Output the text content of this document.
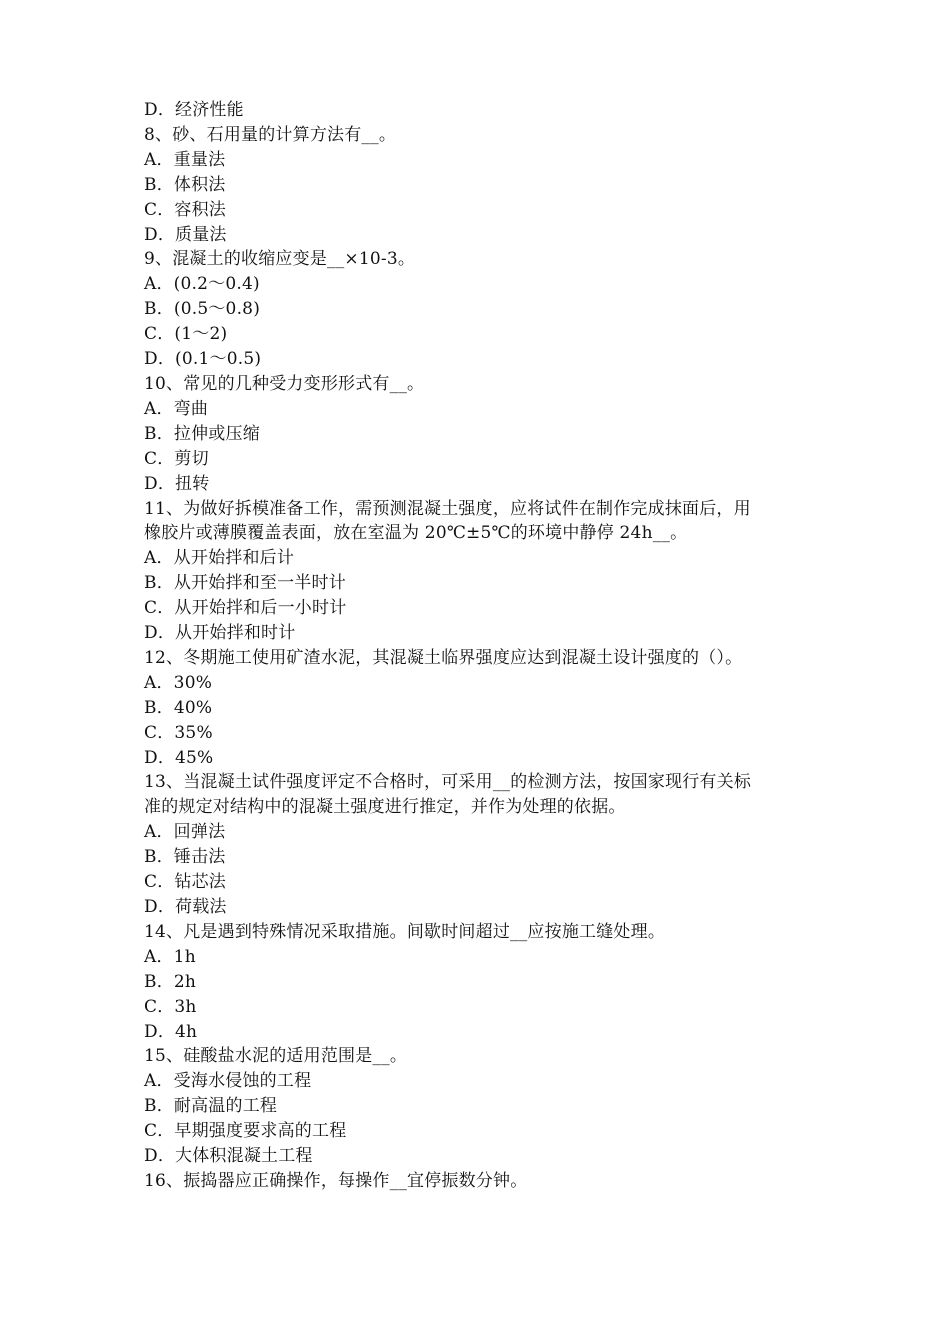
D．经济性能
8、砂、石用量的计算方法有__。
A．重量法
B．体积法
C．容积法
D．质量法
9、混凝土的收缩应变是__×10-3。
A．(0.2～0.4)
B．(0.5～0.8)
C．(1～2)
D．(0.1～0.5)
10、常见的几种受力变形形式有__。
A．弯曲
B．拉伸或压缩
C．剪切
D．扭转
11、为做好拆模准备工作，需预测混凝土强度，应将试件在制作完成抹面后，用
橡胶片或薄膜覆盖表面，放在室温为 20℃±5℃的环境中静停 24h__。
A．从开始拌和后计
B．从开始拌和至一半时计
C．从开始拌和后一小时计
D．从开始拌和时计
12、冬期施工使用矿渣水泥，其混凝土临界强度应达到混凝土设计强度的（）。
A．30%
B．40%
C．35%
D．45%
13、当混凝土试件强度评定不合格时，可采用__的检测方法，按国家现行有关标
准的规定对结构中的混凝土强度进行推定，并作为处理的依据。
A．回弹法
B．锤击法
C．钻芯法
D．荷载法
14、凡是遇到特殊情况采取措施。间歇时间超过__应按施工缝处理。
A．1h
B．2h
C．3h
D．4h
15、硅酸盐水泥的适用范围是__。
A．受海水侵蚀的工程
B．耐高温的工程
C．早期强度要求高的工程
D．大体积混凝土工程
16、振捣器应正确操作，每操作__宜停振数分钟。
